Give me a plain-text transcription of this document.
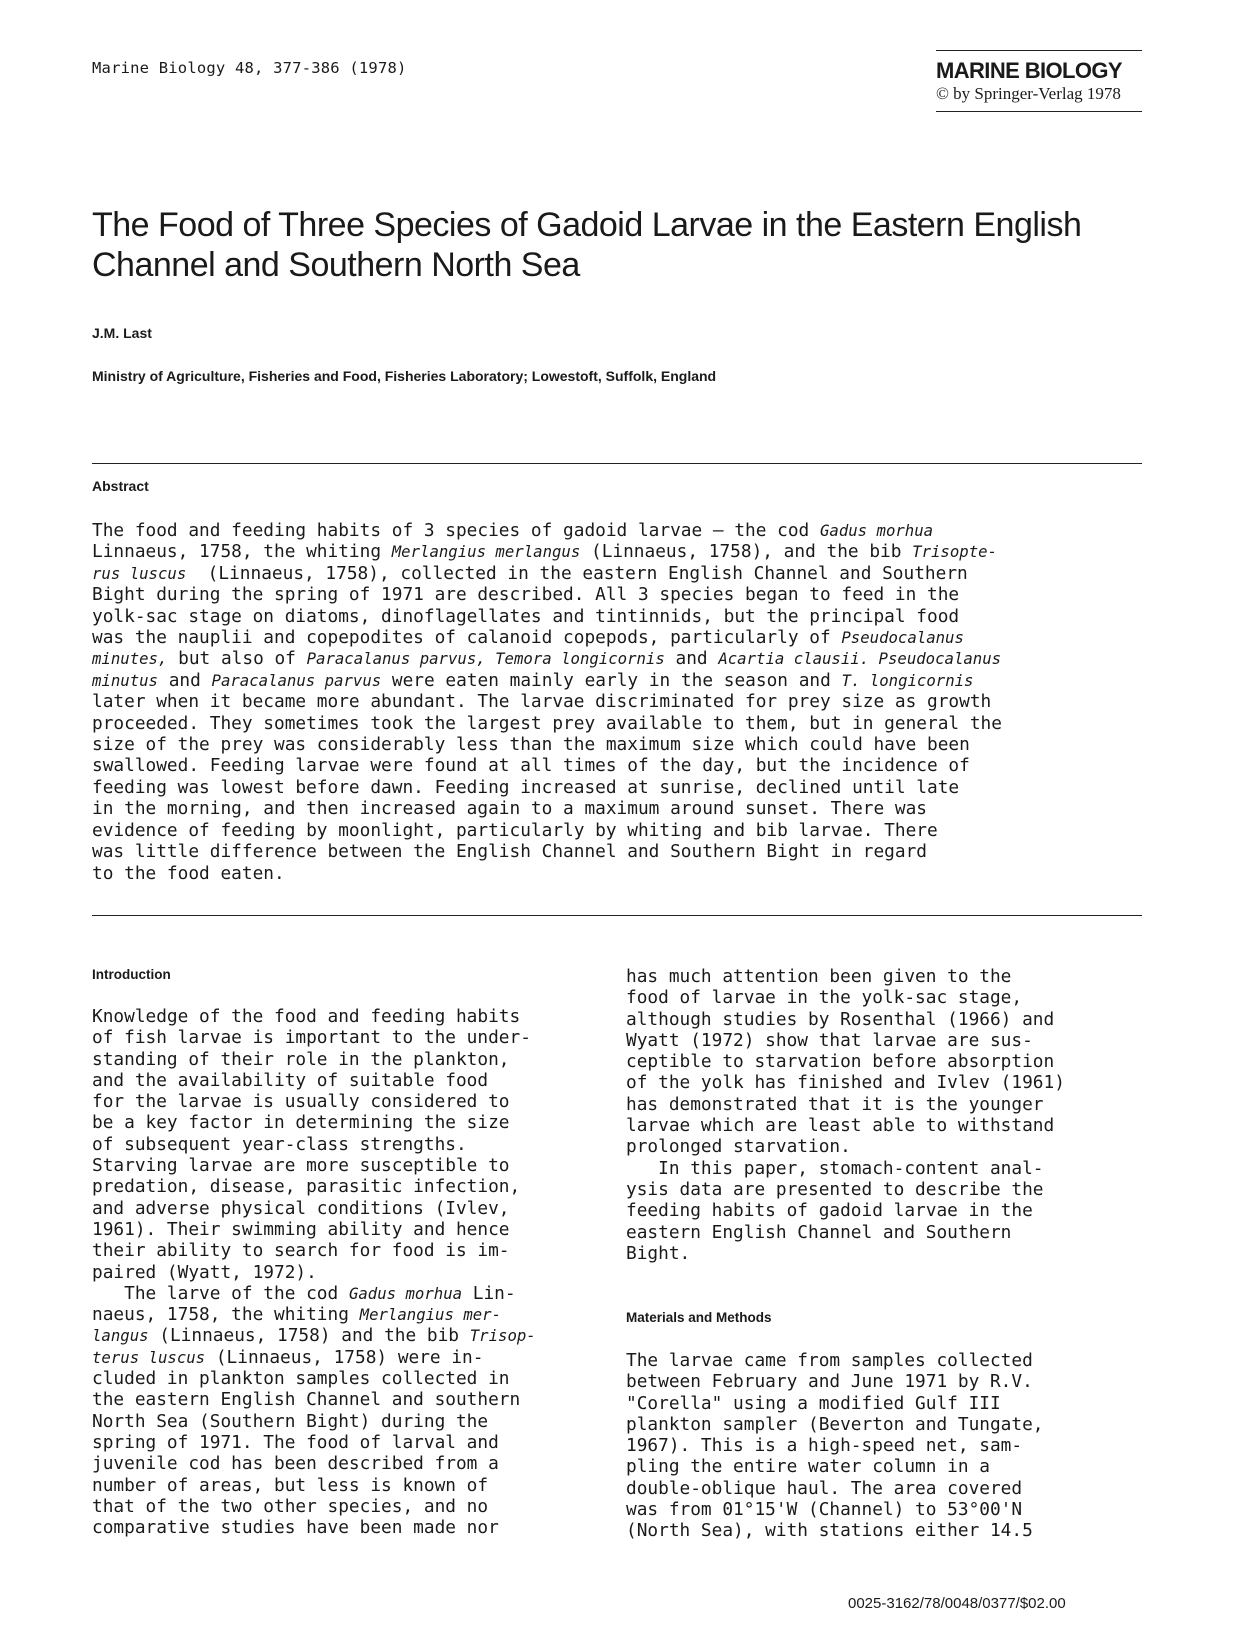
Marine Biology 48, 377-386 (1978)	MARINE BIOLOGY
© by Springer-Verlag 1978
The Food of Three Species of Gadoid Larvae in the Eastern English Channel and Southern North Sea
J.M. Last
Ministry of Agriculture, Fisheries and Food, Fisheries Laboratory; Lowestoft, Suffolk, England
Abstract
The food and feeding habits of 3 species of gadoid larvae – the cod Gadus morhua
Linnaeus, 1758, the whiting Merlangius merlangus (Linnaeus, 1758), and the bib Trisopte-
rus luscus  (Linnaeus, 1758), collected in the eastern English Channel and Southern
Bight during the spring of 1971 are described. All 3 species began to feed in the
yolk-sac stage on diatoms, dinoflagellates and tintinnids, but the principal food
was the nauplii and copepodites of calanoid copepods, particularly of Pseudocalanus
minutes, but also of Paracalanus parvus, Temora longicornis and Acartia clausii. Pseudocalanus
minutus and Paracalanus parvus were eaten mainly early in the season and T. longicornis
later when it became more abundant. The larvae discriminated for prey size as growth
proceeded. They sometimes took the largest prey available to them, but in general the
size of the prey was considerably less than the maximum size which could have been
swallowed. Feeding larvae were found at all times of the day, but the incidence of
feeding was lowest before dawn. Feeding increased at sunrise, declined until late
in the morning, and then increased again to a maximum around sunset. There was
evidence of feeding by moonlight, particularly by whiting and bib larvae. There
was little difference between the English Channel and Southern Bight in regard
to the food eaten.
Introduction
Knowledge of the food and feeding habits
of fish larvae is important to the under-
standing of their role in the plankton,
and the availability of suitable food
for the larvae is usually considered to
be a key factor in determining the size
of subsequent year-class strengths.
Starving larvae are more susceptible to
predation, disease, parasitic infection,
and adverse physical conditions (Ivlev,
1961). Their swimming ability and hence
their ability to search for food is im-
paired (Wyatt, 1972).
The larve of the cod Gadus morhua Lin-
naeus, 1758, the whiting Merlangius mer-
langus (Linnaeus, 1758) and the bib Trisop-
terus luscus (Linnaeus, 1758) were in-
cluded in plankton samples collected in
the eastern English Channel and southern
North Sea (Southern Bight) during the
spring of 1971. The food of larval and
juvenile cod has been described from a
number of areas, but less is known of
that of the two other species, and no
comparative studies have been made nor
has much attention been given to the
food of larvae in the yolk-sac stage,
although studies by Rosenthal (1966) and
Wyatt (1972) show that larvae are sus-
ceptible to starvation before absorption
of the yolk has finished and Ivlev (1961)
has demonstrated that it is the younger
larvae which are least able to withstand
prolonged starvation.
In this paper, stomach-content anal-
ysis data are presented to describe the
feeding habits of gadoid larvae in the
eastern English Channel and Southern
Bight.
Materials and Methods
The larvae came from samples collected
between February and June 1971 by R.V.
"Corella" using a modified Gulf III
plankton sampler (Beverton and Tungate,
1967). This is a high-speed net, sam-
pling the entire water column in a
double-oblique haul. The area covered
was from 01°15'W (Channel) to 53°00'N
(North Sea), with stations either 14.5
0025-3162/78/0048/0377/$02.00
